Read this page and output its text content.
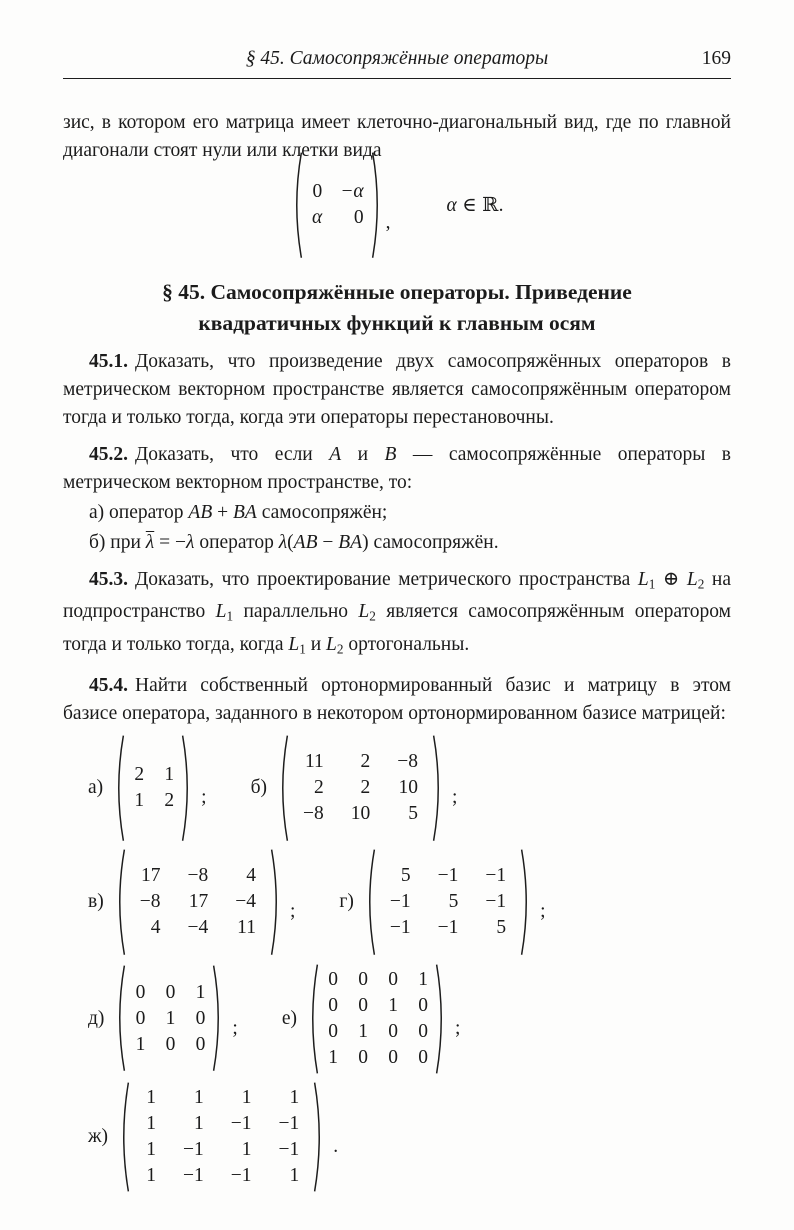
§ 45. Самосопряжённые операторы	169

зис, в котором его матрица имеет клеточно-диагональный вид, где по главной диагонали стоят нули или клетки вида

0 −α
α	0 ,
α ∈ ℝ.
§ 45. Самосопряжённые операторы. Приведение
квадратичных функций к главным осям

45.1. Доказать, что произведение двух самосопряжённых операторов в метрическом векторном пространстве является самосопряжённым оператором тогда и только тогда, когда эти операторы перестановочны.

45.2. Доказать, что если A и B — самосопряжённые операторы в метрическом векторном пространстве, то:

а) оператор AB + BA самосопряжён;

б) при $\overline{\lambda} = -\lambda$ оператор λ(AB − BA) самосопряжён.

45.3. Доказать, что проектирование метрического пространства L1 ⊕ L2 на подпространство L1 параллельно L2 является самосопряжённым оператором тогда и только тогда, когда L1 и L2 ортогональны.

45.4. Найти собственный ортонормированный базис и матрицу в этом базисе оператора, заданного в некотором ортонормированном базисе матрицей:

а)
2 1
1 2 ; б)
11	2 −8
2	2 10
−8 10	5
;
в)
17 −8	4
−8 17 −4
4 −4 11
; г)
5 −1 −1
−1	5 −1
−1 −1	5
;
д)
0 0 1
0 1 0
1 0 0
; е)
0 0 0 1
0 0 1 0
0 1 0 0
1 0 0 0
;
ж)
1	1	1	1
1	1 −1 −1
1 −1	1 −1
1 −1 −1	1
.
